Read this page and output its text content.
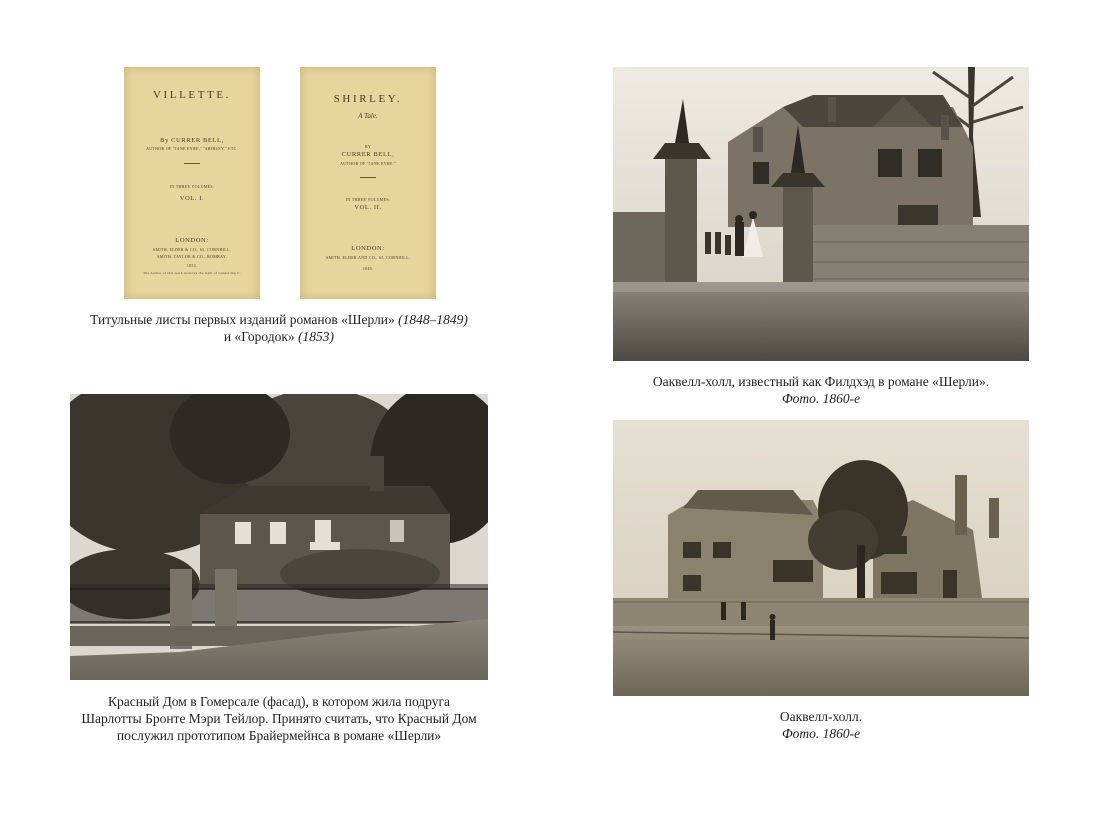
VILLETTE.
By CURRER BELL,
AUTHOR OF "JANE EYRE," "SHIRLEY," ETC.
IN THREE VOLUMES.
VOL. I.
LONDON:
SMITH, ELDER & CO., 65, CORNHILL.
SMITH, TAYLOR & CO., BOMBAY.
1853.
The Author of this work reserves the right of translating it.
SHIRLEY.
A Tale.
BY
CURRER BELL,
AUTHOR OF "JANE EYRE."
IN THREE VOLUMES.
VOL. II.
LONDON:
SMITH, ELDER AND CO., 65, CORNHILL.
1849.
Титульные листы первых изданий романов «Шерли» (1848–1849)
и «Городок» (1853)
Оаквелл-холл, известный как Филдхэд в романе «Шерли».
Фото. 1860-е
Красный Дом в Гомерсале (фасад), в котором жила подруга
Шарлотты Бронте Мэри Тейлор. Принято считать, что Красный Дом
послужил прототипом Брайермейнса в романе «Шерли»
Оаквелл-холл.
Фото. 1860-е
